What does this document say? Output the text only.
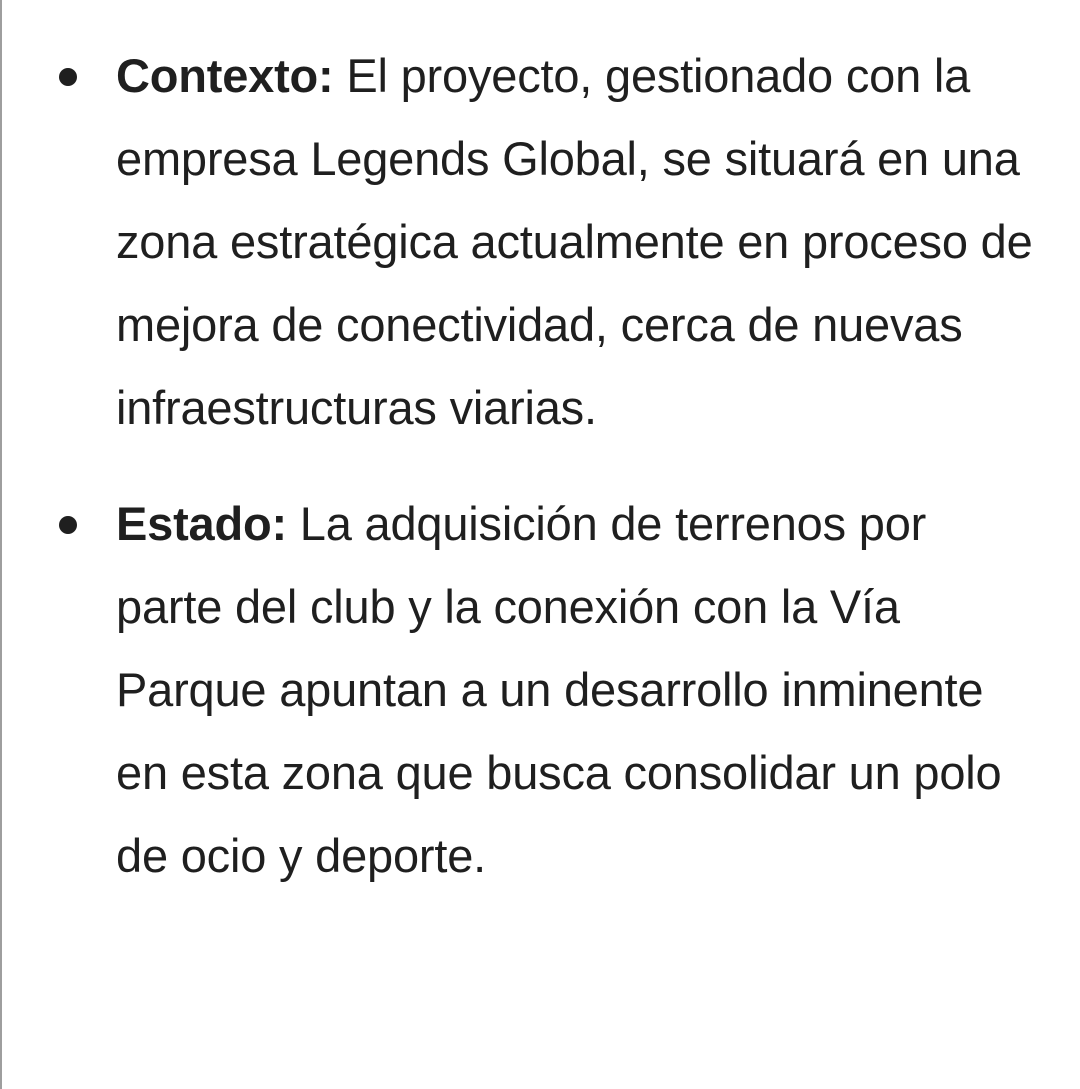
Contexto: El proyecto, gestionado con la empresa Legends Global, se situará en una zona estratégica actualmente en proceso de mejora de conectividad, cerca de nuevas infraestructuras viarias.
Estado: La adquisición de terrenos por parte del club y la conexión con la Vía Parque apuntan a un desarrollo inminente en esta zona que busca consolidar un polo de ocio y deporte.
